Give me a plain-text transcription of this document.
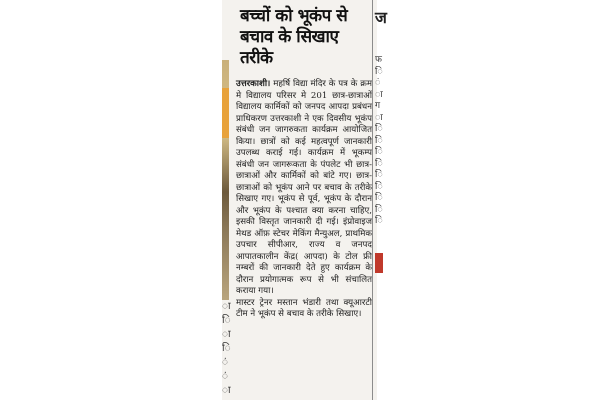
ा
ि
ा
ि
ं
ं
ा
बच्चों को भूकंप से
बचाव के सिखाए तरीके

उत्तरकाशी। महर्षि विद्या मंदिर के पत्र के क्रम मे विद्यालय परिसर मे 201 छात्र-छात्राओं विद्यालय कार्मिकों को जनपद आपदा प्रबंधन प्राधिकरण उत्तरकाशी ने एक दिवसीय भूकंप संबंधी जन जागरुकता कार्यक्रम आयोजित किया। छात्रों को कई महत्वपूर्ण जानकारी उपलब्ध कराई गई। कार्यक्रम में भूकम्प संबंधी जन जागरूकता के पंपलेट भी छात्र-छात्राओं और कार्मिकों को बांटे गए। छात्र-छात्राओं को भूकंप आने पर बचाव के तरीके सिखाए गए। भूकंप से पूर्व, भूकंप के दौरान और भूकंप के पश्चात क्या करना चाहिए, इसकी विस्तृत जानकारी दी गई। इंप्रोवाइज मेथड ऑफ़ स्टेचर मेकिंग मैन्युअल, प्राथमिक उपचार सीपीआर, राज्य व जनपद आपातकालीन केंद्र( आपदा) के टोल फ्री नम्बरों की जानकारी देते हुए कार्यक्रम के दौरान प्रयोगात्मक रूप से भी संचालित कराया गया।

मास्टर ट्रेनर मस्तान भंडारी तथा क्यूआरटी टीम ने भूकंप से बचाव के तरीके सिखाए।

ज
फ
ि
ं
ा
ग
ा
ि
ि
ि
ि
ि
ि
ि
ि
ि
